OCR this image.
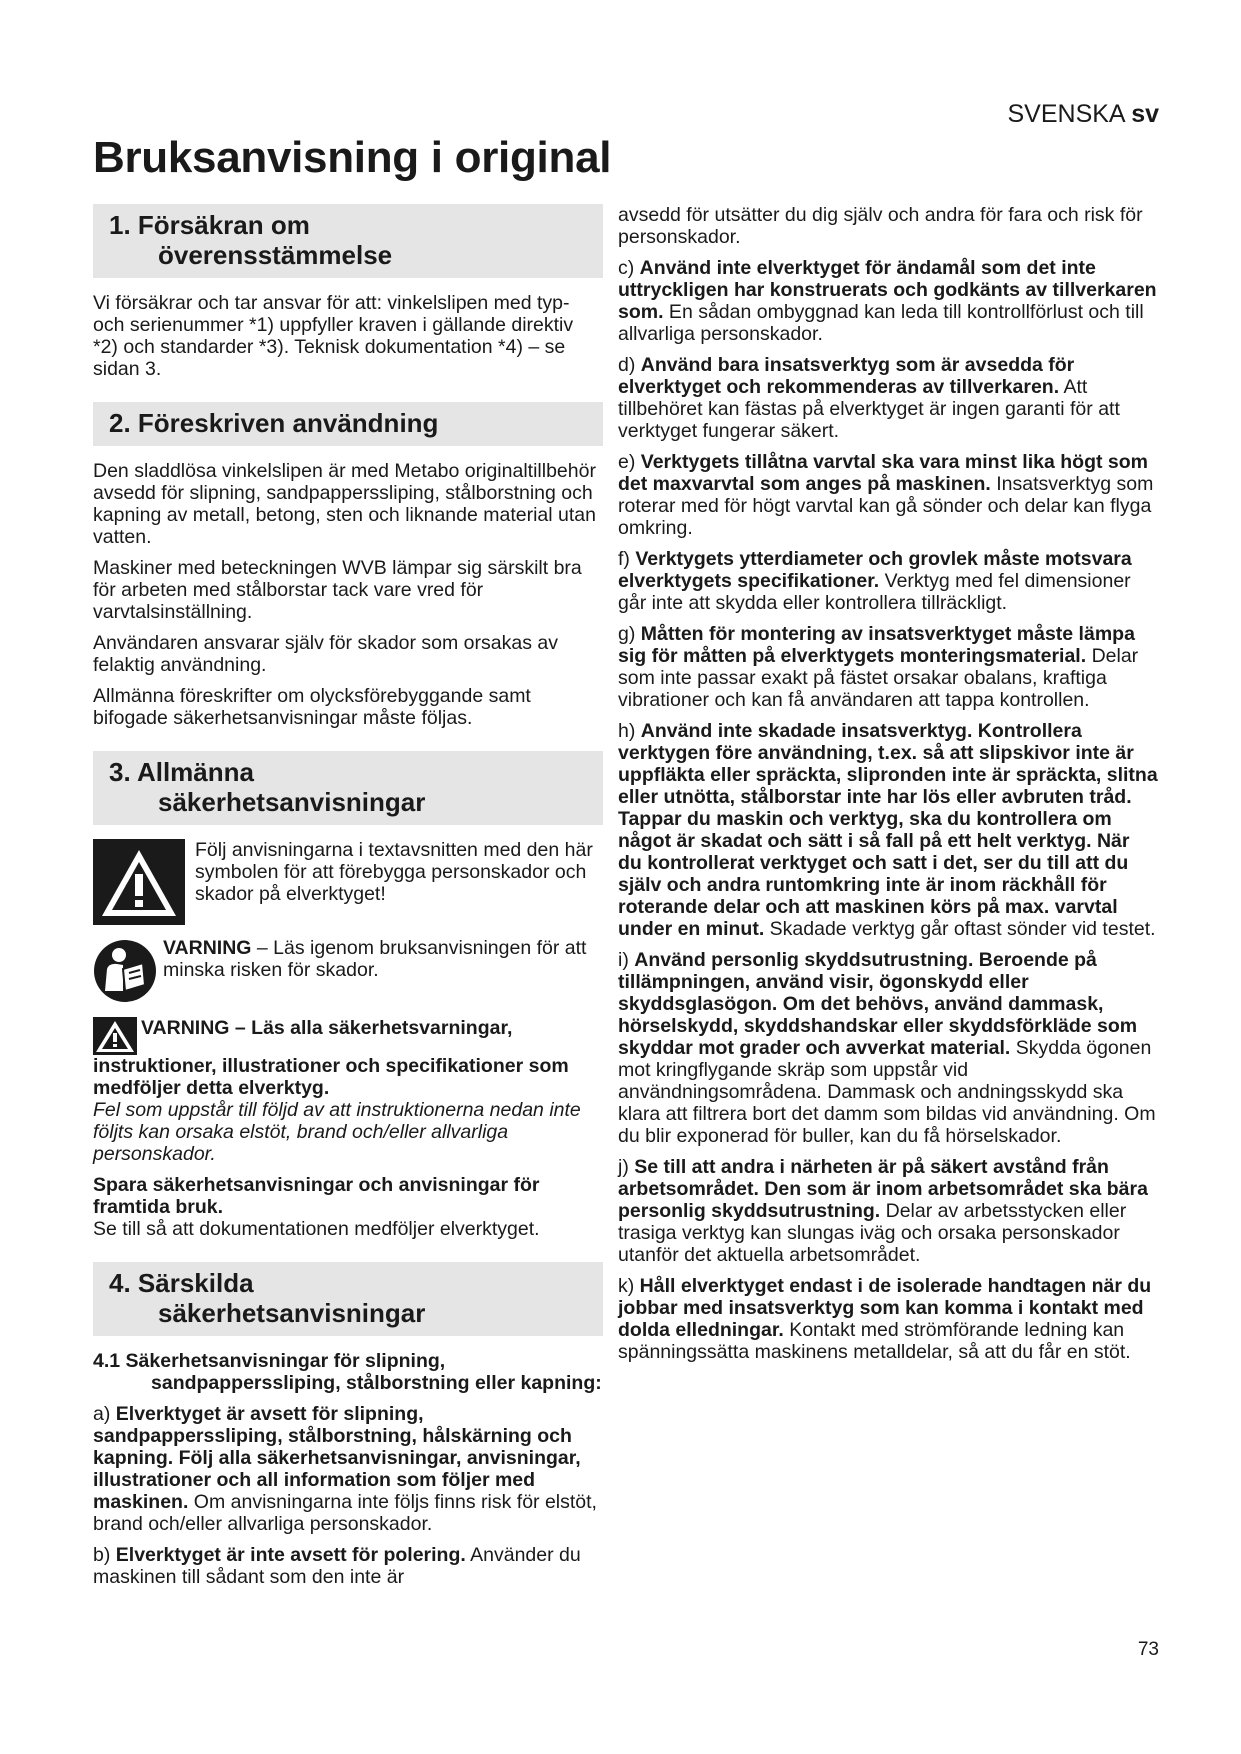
SVENSKA sv
Bruksanvisning i original
1. Försäkran om
överensstämmelse

Vi försäkrar och tar ansvar för att: vinkelslipen med typ- och serienummer *1) uppfyller kraven i gällande direktiv *2) och standarder *3). Teknisk dokumentation *4) – se sidan 3.

2. Föreskriven användning

Den sladdlösa vinkelslipen är med Metabo originaltillbehör avsedd för slipning, sandpapperssliping, stålborstning och kapning av metall, betong, sten och liknande material utan vatten.

Maskiner med beteckningen WVB lämpar sig särskilt bra för arbeten med stålborstar tack vare vred för varvtalsinställning.

Användaren ansvarar själv för skador som orsakas av felaktig användning.

Allmänna föreskrifter om olycksförebyggande samt bifogade säkerhetsanvisningar måste följas.

3. Allmänna
säkerhetsanvisningar
Följ anvisningarna i textavsnitten med den här symbolen för att förebygga personskador och skador på elverktyget!
VARNING – Läs igenom bruksanvisningen för att minska risken för skador.

VARNING – Läs alla säkerhetsvarningar, instruktioner, illustrationer och specifikationer som medföljer detta elverktyg.
Fel som uppstår till följd av att instruktionerna nedan inte följts kan orsaka elstöt, brand och/eller allvarliga personskador.

Spara säkerhetsanvisningar och anvisningar för framtida bruk.
Se till så att dokumentationen medföljer elverktyget.

4. Särskilda
säkerhetsanvisningar
4.1 Säkerhetsanvisningar för slipning,
sandpapperssliping, stålborstning eller kapning:

a) Elverktyget är avsett för slipning, sandpapperssliping, stålborstning, hålskärning och kapning. Följ alla säkerhetsanvisningar, anvisningar, illustrationer och all information som följer med maskinen. Om anvisningarna inte följs finns risk för elstöt, brand och/eller allvarliga personskador.

b) Elverktyget är inte avsett för polering. Använder du maskinen till sådant som den inte är

avsedd för utsätter du dig själv och andra för fara och risk för personskador.

c) Använd inte elverktyget för ändamål som det inte uttryckligen har konstruerats och godkänts av tillverkaren som. En sådan ombyggnad kan leda till kontrollförlust och till allvarliga personskador.

d) Använd bara insatsverktyg som är avsedda för elverktyget och rekommenderas av tillverkaren. Att tillbehöret kan fästas på elverktyget är ingen garanti för att verktyget fungerar säkert.

e) Verktygets tillåtna varvtal ska vara minst lika högt som det maxvarvtal som anges på maskinen. Insatsverktyg som roterar med för högt varvtal kan gå sönder och delar kan flyga omkring.

f) Verktygets ytterdiameter och grovlek måste motsvara elverktygets specifikationer. Verktyg med fel dimensioner går inte att skydda eller kontrollera tillräckligt.

g) Måtten för montering av insatsverktyget måste lämpa sig för måtten på elverktygets monteringsmaterial. Delar som inte passar exakt på fästet orsakar obalans, kraftiga vibrationer och kan få användaren att tappa kontrollen.

h) Använd inte skadade insatsverktyg. Kontrollera verktygen före användning, t.ex. så att slipskivor inte är uppfläkta eller spräckta, slipronden inte är spräckta, slitna eller utnötta, stålborstar inte har lös eller avbruten tråd. Tappar du maskin och verktyg, ska du kontrollera om något är skadat och sätt i så fall på ett helt verktyg. När du kontrollerat verktyget och satt i det, ser du till att du själv och andra runtomkring inte är inom räckhåll för roterande delar och att maskinen körs på max. varvtal under en minut. Skadade verktyg går oftast sönder vid testet.

i) Använd personlig skyddsutrustning. Beroende på tillämpningen, använd visir, ögonskydd eller skyddsglasögon. Om det behövs, använd dammask, hörselskydd, skyddshandskar eller skyddsförkläde som skyddar mot grader och avverkat material. Skydda ögonen mot kringflygande skräp som uppstår vid användningsområdena. Dammask och andningsskydd ska klara att filtrera bort det damm som bildas vid användning. Om du blir exponerad för buller, kan du få hörselskador.

j) Se till att andra i närheten är på säkert avstånd från arbetsområdet. Den som är inom arbetsområdet ska bära personlig skyddsutrustning. Delar av arbetsstycken eller trasiga verktyg kan slungas iväg och orsaka personskador utanför det aktuella arbetsområdet.

k) Håll elverktyget endast i de isolerade handtagen när du jobbar med insatsverktyg som kan komma i kontakt med dolda elledningar. Kontakt med strömförande ledning kan spänningssätta maskinens metalldelar, så att du får en stöt.

73
